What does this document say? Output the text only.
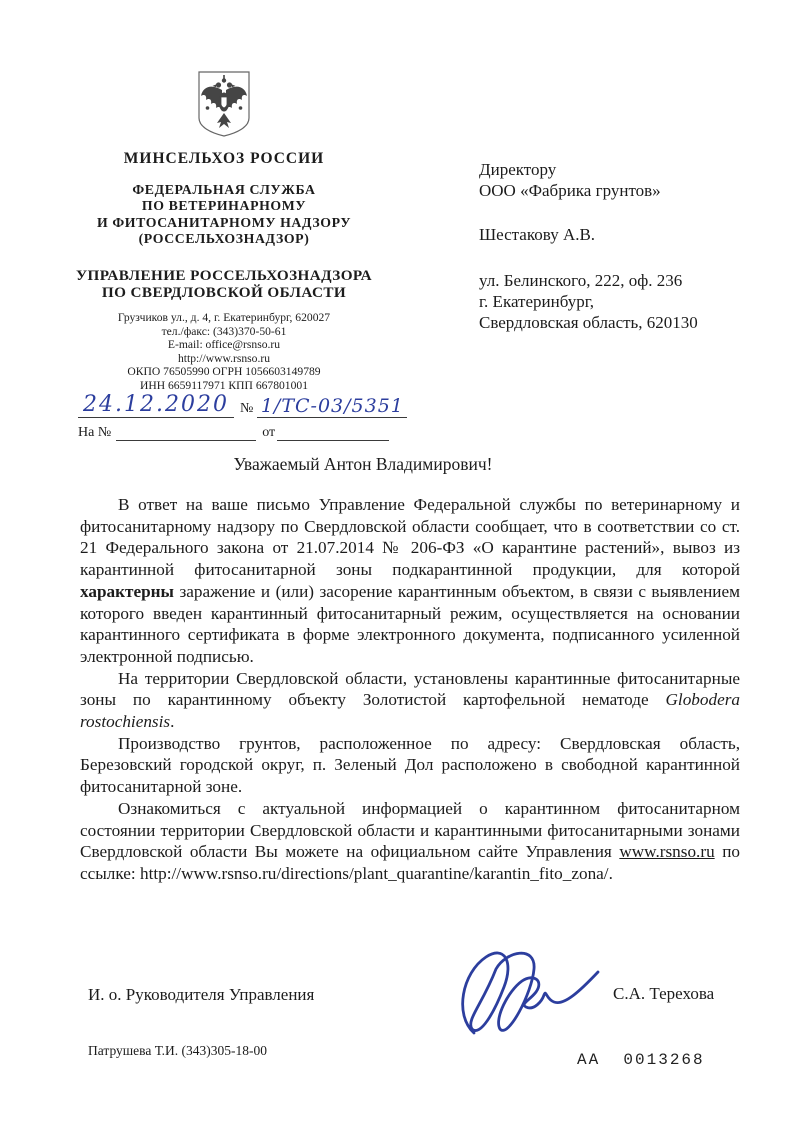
МИНСЕЛЬХОЗ РОССИИ
ФЕДЕРАЛЬНАЯ СЛУЖБА
ПО ВЕТЕРИНАРНОМУ
И ФИТОСАНИТАРНОМУ НАДЗОРУ
(РОССЕЛЬХОЗНАДЗОР)
УПРАВЛЕНИЕ РОССЕЛЬХОЗНАДЗОРА
ПО СВЕРДЛОВСКОЙ ОБЛАСТИ
Грузчиков ул., д. 4, г. Екатеринбург, 620027
тел./факс: (343)370-50-61
E-mail: office@rsnso.ru
http://www.rsnso.ru
ОКПО 76505990 ОГРН 1056603149789
ИНН 6659117971 КПП 667801001
24.12.2020 № 1/ТС-03/5351
На №	от
Директору
ООО «Фабрика грунтов»
Шестакову А.В.
ул. Белинского, 222, оф. 236
г. Екатеринбург,
Свердловская область, 620130
Уважаемый Антон Владимирович!

В ответ на ваше письмо Управление Федеральной службы по ветеринарному и фитосанитарному надзору по Свердловской области сообщает, что в соответствии со ст. 21 Федерального закона от 21.07.2014 № 206-ФЗ «О карантине растений», вывоз из карантинной фитосанитарной зоны подкарантинной продукции, для которой характерны заражение и (или) засорение карантинным объектом, в связи с выявлением которого введен карантинный фитосанитарный режим, осуществляется на основании карантинного сертификата в форме электронного документа, подписанного усиленной электронной подписью.

На территории Свердловской области, установлены карантинные фитосанитарные зоны по карантинному объекту Золотистой картофельной нематоде Globodera rostochiensis.

Производство грунтов, расположенное по адресу: Свердловская область, Березовский городской округ, п. Зеленый Дол расположено в свободной карантинной фитосанитарной зоне.

Ознакомиться с актуальной информацией о карантинном фитосанитарном состоянии территории Свердловской области и карантинными фитосанитарными зонами Свердловской области Вы можете на официальном сайте Управления www.rsnso.ru по ссылке: http://www.rsnso.ru/directions/plant_quarantine/karantin_fito_zona/.

И. о. Руководителя Управления	С.А. Терехова
Патрушева Т.И. (343)305-18-00
АА  0013268
